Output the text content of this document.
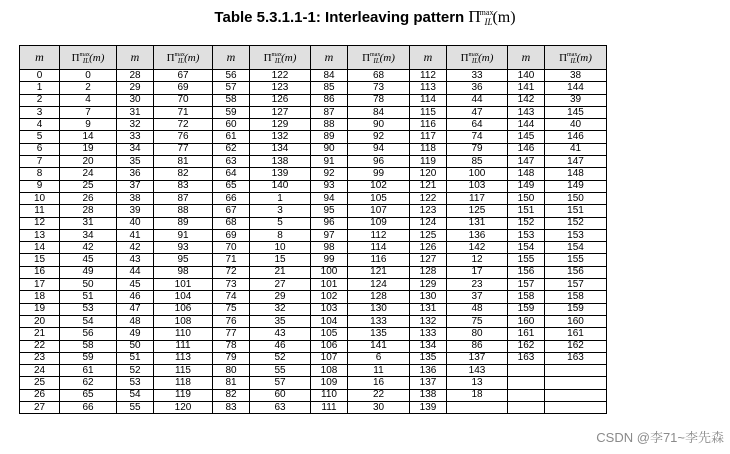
Table 5.3.1.1-1: Interleaving pattern $\Pi^{max}_{IL}(m)$
m	$\Pi^{max}IL(m)$	m	$\Pi^{max}IL(m)$	m	$\Pi^{max}IL(m)$	m	$\Pi^{max}IL(m)$	m	$\Pi^{max}IL(m)$	m	$\Pi^{max}IL(m)$
0	0	28	67	56	122	84	68	112	33	140	38
1	2	29	69	57	123	85	73	113	36	141	144
2	4	30	70	58	126	86	78	114	44	142	39
3	7	31	71	59	127	87	84	115	47	143	145
4	9	32	72	60	129	88	90	116	64	144	40
5	14	33	76	61	132	89	92	117	74	145	146
6	19	34	77	62	134	90	94	118	79	146	41
7	20	35	81	63	138	91	96	119	85	147	147
8	24	36	82	64	139	92	99	120	100	148	148
9	25	37	83	65	140	93	102	121	103	149	149
10	26	38	87	66	1	94	105	122	117	150	150
11	28	39	88	67	3	95	107	123	125	151	151
12	31	40	89	68	5	96	109	124	131	152	152
13	34	41	91	69	8	97	112	125	136	153	153
14	42	42	93	70	10	98	114	126	142	154	154
15	45	43	95	71	15	99	116	127	12	155	155
16	49	44	98	72	21	100	121	128	17	156	156
17	50	45	101	73	27	101	124	129	23	157	157
18	51	46	104	74	29	102	128	130	37	158	158
19	53	47	106	75	32	103	130	131	48	159	159
20	54	48	108	76	35	104	133	132	75	160	160
21	56	49	110	77	43	105	135	133	80	161	161
22	58	50	111	78	46	106	141	134	86	162	162
23	59	51	113	79	52	107	6	135	137	163	163
24	61	52	115	80	55	108	11	136	143		
25	62	53	118	81	57	109	16	137	13		
26	65	54	119	82	60	110	22	138	18		
27	66	55	120	83	63	111	30	139			
CSDN @李71~李先森
